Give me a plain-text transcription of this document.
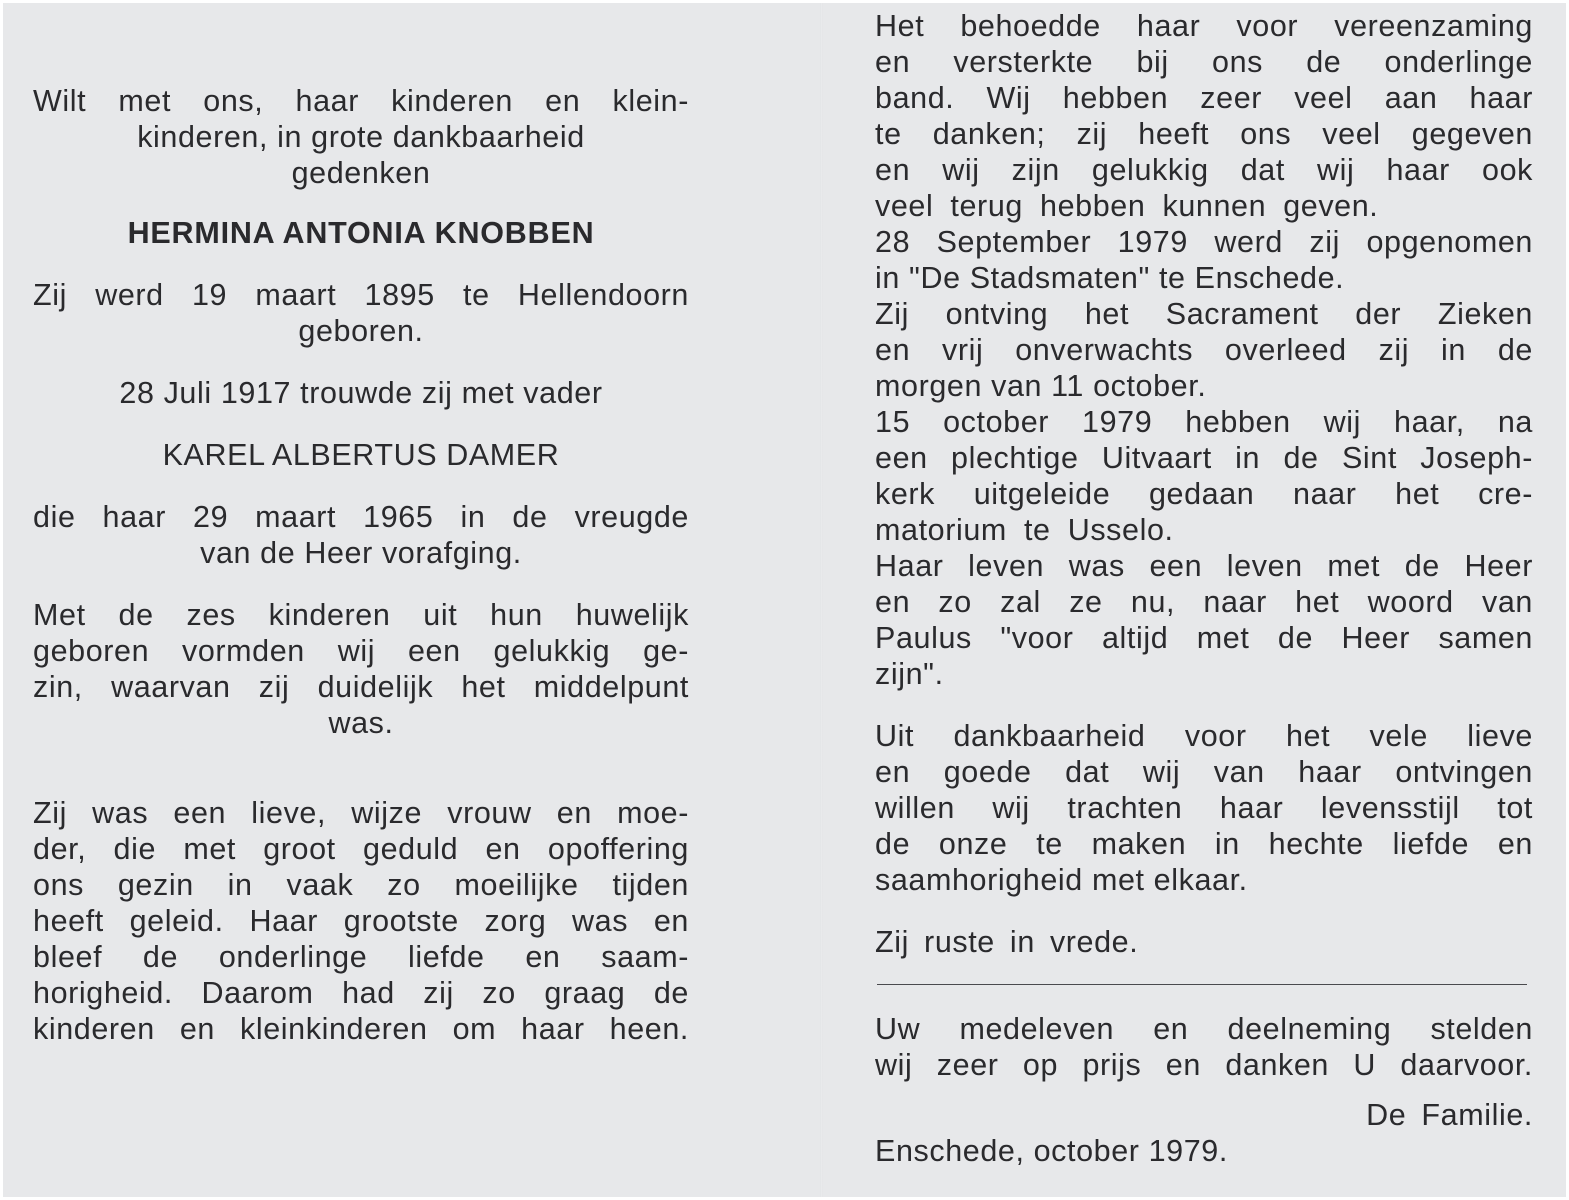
Wilt met ons, haar kinderen en klein-
kinderen, in grote dankbaarheid
gedenken
HERMINA ANTONIA KNOBBEN
Zij werd 19 maart 1895 te Hellendoorn
geboren.
28 Juli 1917 trouwde zij met vader
KAREL ALBERTUS DAMER
die haar 29 maart 1965 in de vreugde
van de Heer vorafging.
Met de zes kinderen uit hun huwelijk
geboren vormden wij een gelukkig ge-
zin, waarvan zij duidelijk het middelpunt
was.
Zij was een lieve, wijze vrouw en moe-
der, die met groot geduld en opoffering
ons gezin in vaak zo moeilijke tijden
heeft geleid. Haar grootste zorg was en
bleef de onderlinge liefde en saam-
horigheid. Daarom had zij zo graag de
kinderen en kleinkinderen om haar heen.
Het behoedde haar voor vereenzaming
en versterkte bij ons de onderlinge
band. Wij hebben zeer veel aan haar
te danken; zij heeft ons veel gegeven
en wij zijn gelukkig dat wij haar ook
veel terug hebben kunnen geven.
28 September 1979 werd zij opgenomen
in "De Stadsmaten" te Enschede.
Zij ontving het Sacrament der Zieken
en vrij onverwachts overleed zij in de
morgen van 11 october.
15 october 1979 hebben wij haar, na
een plechtige Uitvaart in de Sint Joseph-
kerk uitgeleide gedaan naar het cre-
matorium te Usselo.
Haar leven was een leven met de Heer
en zo zal ze nu, naar het woord van
Paulus "voor altijd met de Heer samen
zijn".
Uit dankbaarheid voor het vele lieve
en goede dat wij van haar ontvingen
willen wij trachten haar levensstijl tot
de onze te maken in hechte liefde en
saamhorigheid met elkaar.
Zij ruste in vrede.
Uw medeleven en deelneming stelden
wij zeer op prijs en danken U daarvoor.
De Familie.
Enschede, october 1979.
